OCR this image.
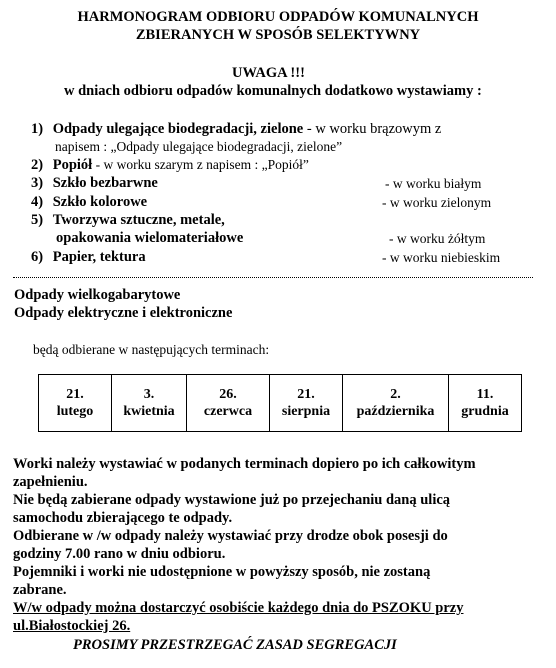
HARMONOGRAM ODBIORU ODPADÓW KOMUNALNYCH
ZBIERANYCH W SPOSÓB SELEKTYWNY
UWAGA !!!
w dniach odbioru odpadów komunalnych dodatkowo wystawiamy :
1) Odpady ulegające biodegradacji, zielone - w worku brązowym z
napisem : „Odpady ulegające biodegradacji, zielone”
2) Popiół - w worku szarym z napisem : „Popiół”
3) Szkło bezbarwne	- w worku białym
4) Szkło kolorowe	- w worku zielonym
5) Tworzywa sztuczne, metale,
opakowania wielomateriałowe	- w worku żółtym
6) Papier, tektura	- w worku niebieskim
Odpady wielkogabarytowe
Odpady elektryczne i elektroniczne
będą odbierane w następujących terminach:
21.
lutego	3.
kwietnia	26.
czerwca	21.
sierpnia	2.
października	11.
grudnia
Worki należy wystawiać w podanych terminach dopiero po ich całkowitym
zapełnieniu.
Nie będą zabierane odpady wystawione już po przejechaniu daną ulicą
samochodu zbierającego te odpady.
Odbierane w /w odpady należy wystawiać przy drodze obok posesji do
godziny 7.00 rano w dniu odbioru.
Pojemniki i worki nie udostępnione w powyższy sposób, nie zostaną
zabrane.
W/w odpady można dostarczyć osobiście każdego dnia do PSZOKU przy
ul.Białostockiej 26.
PROSIMY PRZESTRZEGAĆ ZASAD SEGREGACJI
